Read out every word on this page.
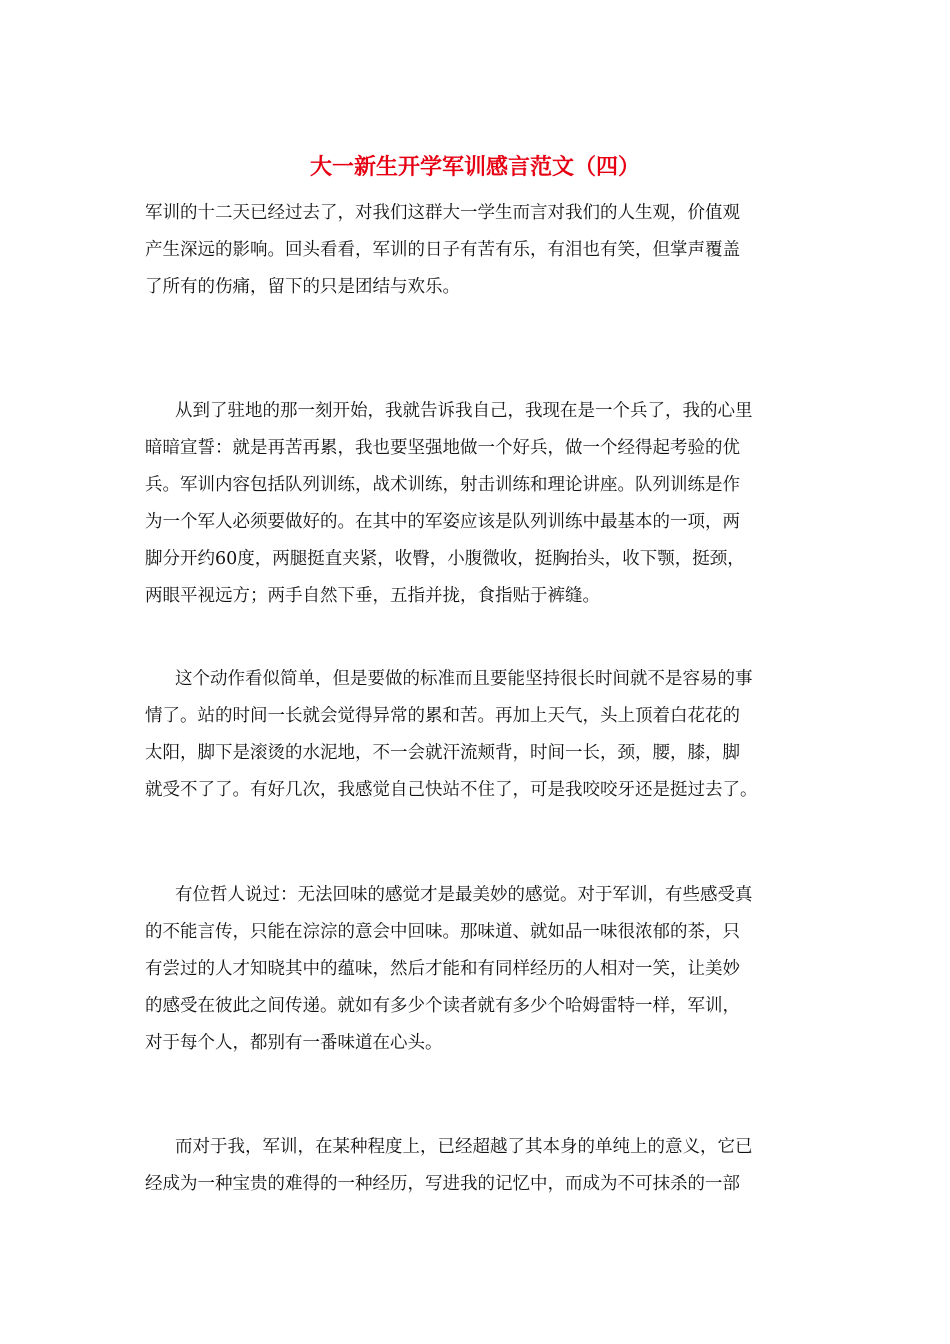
大一新生开学军训感言范文（四）
军训的十二天已经过去了，对我们这群大一学生而言对我们的人生观，价值观
产生深远的影响。回头看看，军训的日子有苦有乐，有泪也有笑，但掌声覆盖
了所有的伤痛，留下的只是团结与欢乐。
从到了驻地的那一刻开始，我就告诉我自己，我现在是一个兵了，我的心里
暗暗宣誓：就是再苦再累，我也要坚强地做一个好兵，做一个经得起考验的优
兵。军训内容包括队列训练，战术训练，射击训练和理论讲座。队列训练是作
为一个军人必须要做好的。在其中的军姿应该是队列训练中最基本的一项，两
脚分开约60度，两腿挺直夹紧，收臀，小腹微收，挺胸抬头，收下颚，挺颈，
两眼平视远方；两手自然下垂，五指并拢，食指贴于裤缝。
这个动作看似简单，但是要做的标准而且要能坚持很长时间就不是容易的事
情了。站的时间一长就会觉得异常的累和苦。再加上天气，头上顶着白花花的
太阳，脚下是滚烫的水泥地，不一会就汗流颊背，时间一长，颈，腰，膝，脚
就受不了了。有好几次，我感觉自己快站不住了，可是我咬咬牙还是挺过去了。
有位哲人说过：无法回味的感觉才是最美妙的感觉。对于军训，有些感受真
的不能言传，只能在淙淙的意会中回味。那味道、就如品一味很浓郁的茶，只
有尝过的人才知晓其中的蕴味，然后才能和有同样经历的人相对一笑，让美妙
的感受在彼此之间传递。就如有多少个读者就有多少个哈姆雷特一样，军训，
对于每个人，都别有一番味道在心头。
而对于我，军训，在某种程度上，已经超越了其本身的单纯上的意义，它已
经成为一种宝贵的难得的一种经历，写进我的记忆中，而成为不可抹杀的一部
